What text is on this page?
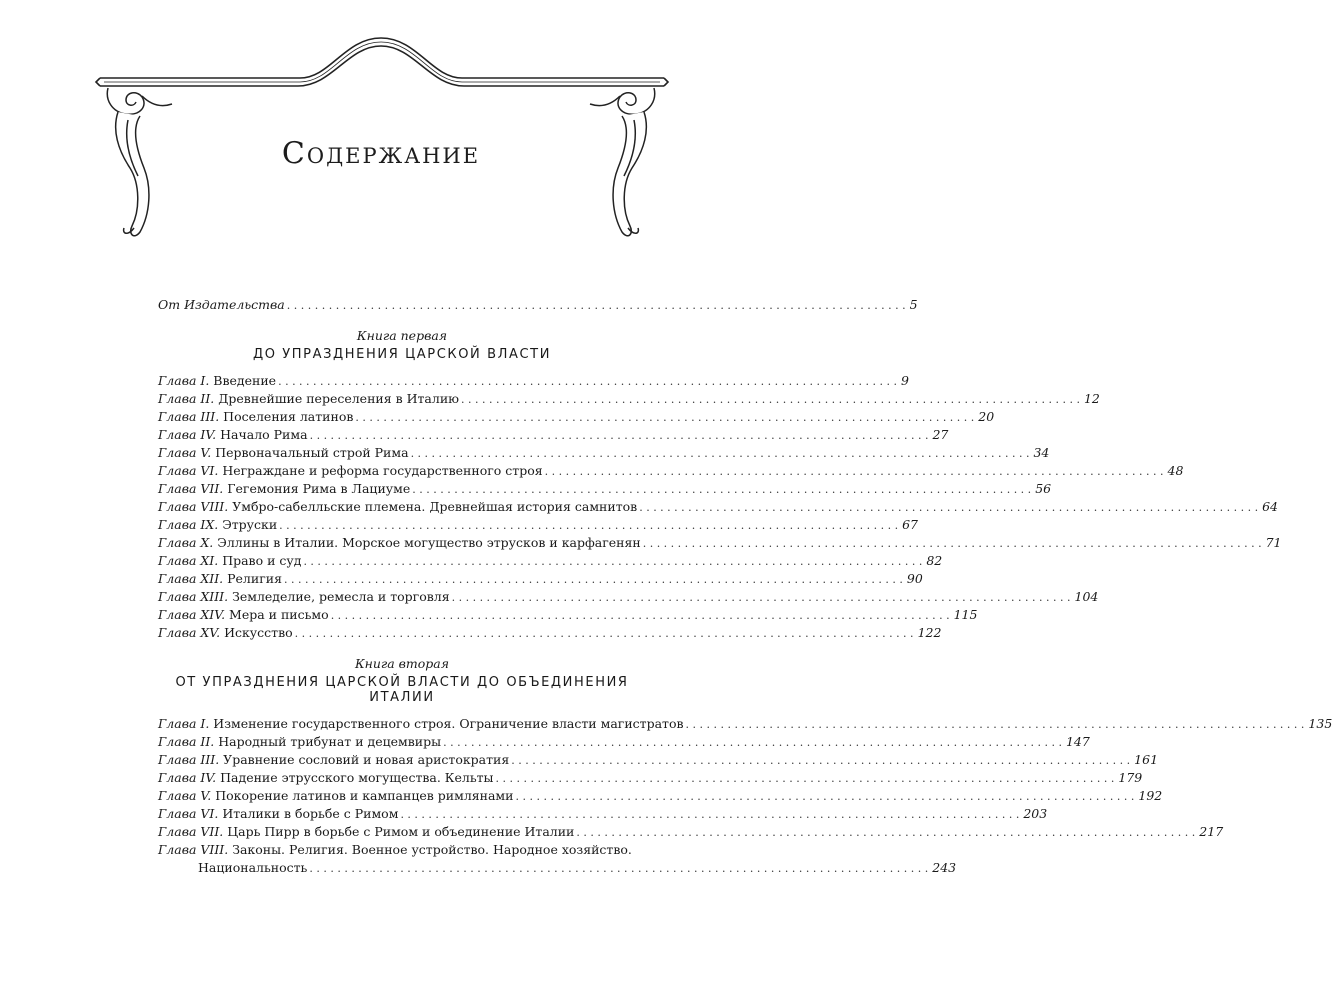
Содержание
От Издательства . . .	5
Книга первая
ДО УПРАЗДНЕНИЯ ЦАРСКОЙ ВЛАСТИ
Глава I. Введение . . .	9
Глава II. Древнейшие переселения в Италию . . .	12
Глава III. Поселения латинов . . .	20
Глава IV. Начало Рима . . .	27
Глава V. Первоначальный строй Рима . . .	34
Глава VI. Неграждане и реформа государственного строя . . .	48
Глава VII. Гегемония Рима в Лациуме . . .	56
Глава VIII. Умбро-сабелльские племена. Древнейшая история самнитов . . .	64
Глава IX. Этруски . . .	67
Глава X. Эллины в Италии. Морское могущество этрусков и карфагенян . . .	71
Глава XI. Право и суд . . .	82
Глава XII. Религия . . .	90
Глава XIII. Земледелие, ремесла и торговля . . .	104
Глава XIV. Мера и письмо . . .	115
Глава XV. Искусство . . .	122
Книга вторая
ОТ УПРАЗДНЕНИЯ ЦАРСКОЙ ВЛАСТИ ДО ОБЪЕДИНЕНИЯ ИТАЛИИ
Глава I. Изменение государственного строя. Ограничение власти магистратов . . .	135
Глава II. Народный трибунат и децемвиры . . .	147
Глава III. Уравнение сословий и новая аристократия . . .	161
Глава IV. Падение этрусского могущества. Кельты . . .	179
Глава V. Покорение латинов и кампанцев римлянами . . .	192
Глава VI. Италики в борьбе с Римом . . .	203
Глава VII. Царь Пирр в борьбе с Римом и объединение Италии . . .	217
Глава VIII. Законы. Религия. Военное устройство. Народное хозяйство.
Национальность . . .	243
